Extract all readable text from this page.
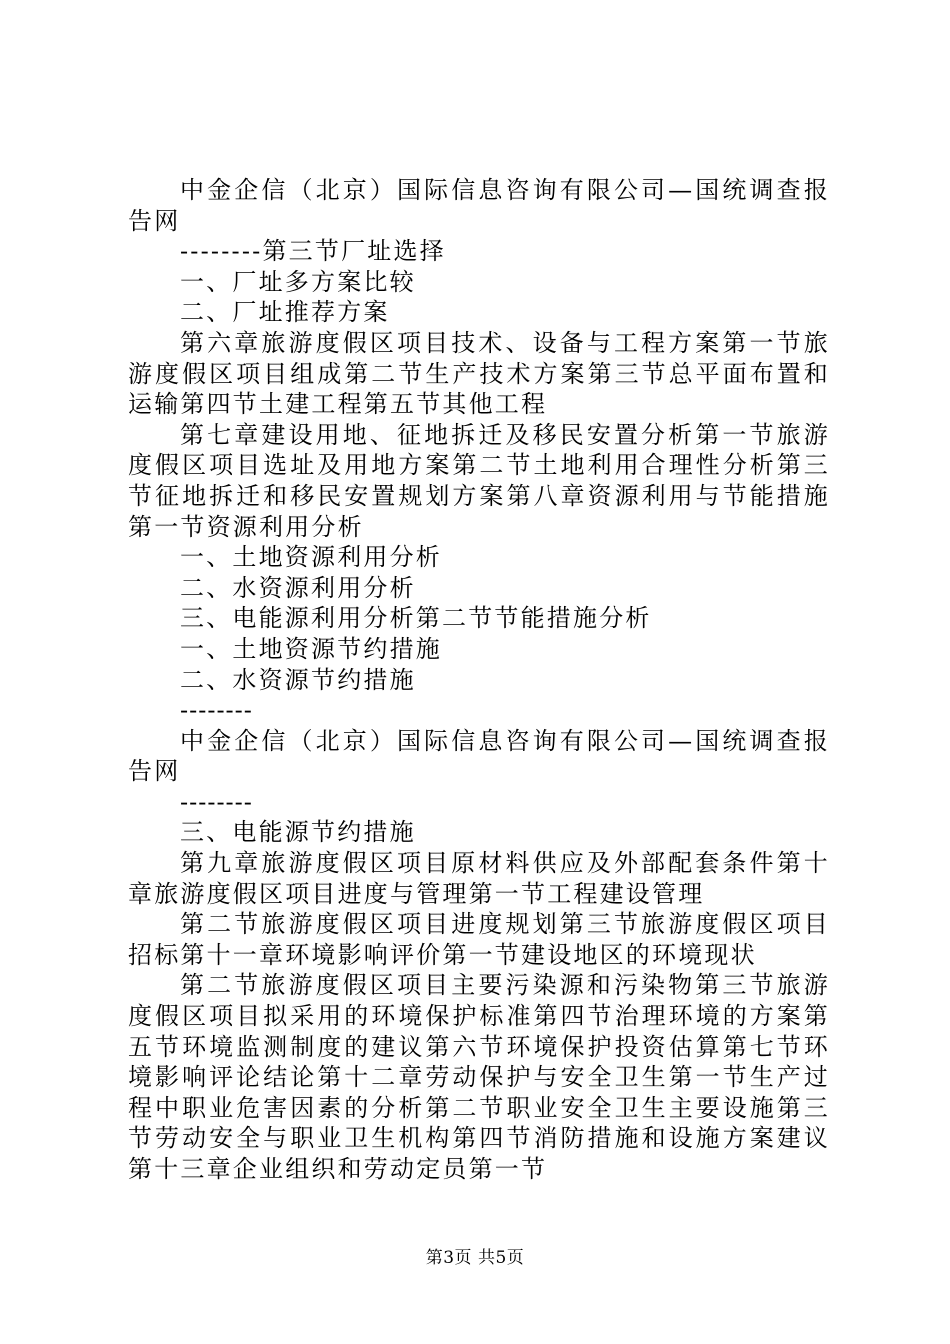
中金企信（北京）国际信息咨询有限公司—国统调查报告网

--------第三节厂址选择

一、厂址多方案比较

二、厂址推荐方案

第六章旅游度假区项目技术、设备与工程方案第一节旅游度假区项目组成第二节生产技术方案第三节总平面布置和运输第四节土建工程第五节其他工程

第七章建设用地、征地拆迁及移民安置分析第一节旅游度假区项目选址及用地方案第二节土地利用合理性分析第三节征地拆迁和移民安置规划方案第八章资源利用与节能措施第一节资源利用分析

一、土地资源利用分析

二、水资源利用分析

三、电能源利用分析第二节节能措施分析

一、土地资源节约措施

二、水资源节约措施

--------

中金企信（北京）国际信息咨询有限公司—国统调查报告网

--------

三、电能源节约措施

第九章旅游度假区项目原材料供应及外部配套条件第十章旅游度假区项目进度与管理第一节工程建设管理

第二节旅游度假区项目进度规划第三节旅游度假区项目招标第十一章环境影响评价第一节建设地区的环境现状

第二节旅游度假区项目主要污染源和污染物第三节旅游度假区项目拟采用的环境保护标准第四节治理环境的方案第五节环境监测制度的建议第六节环境保护投资估算第七节环境影响评论结论第十二章劳动保护与安全卫生第一节生产过程中职业危害因素的分析第二节职业安全卫生主要设施第三节劳动安全与职业卫生机构第四节消防措施和设施方案建议第十三章企业组织和劳动定员第一节

第3页 共5页
